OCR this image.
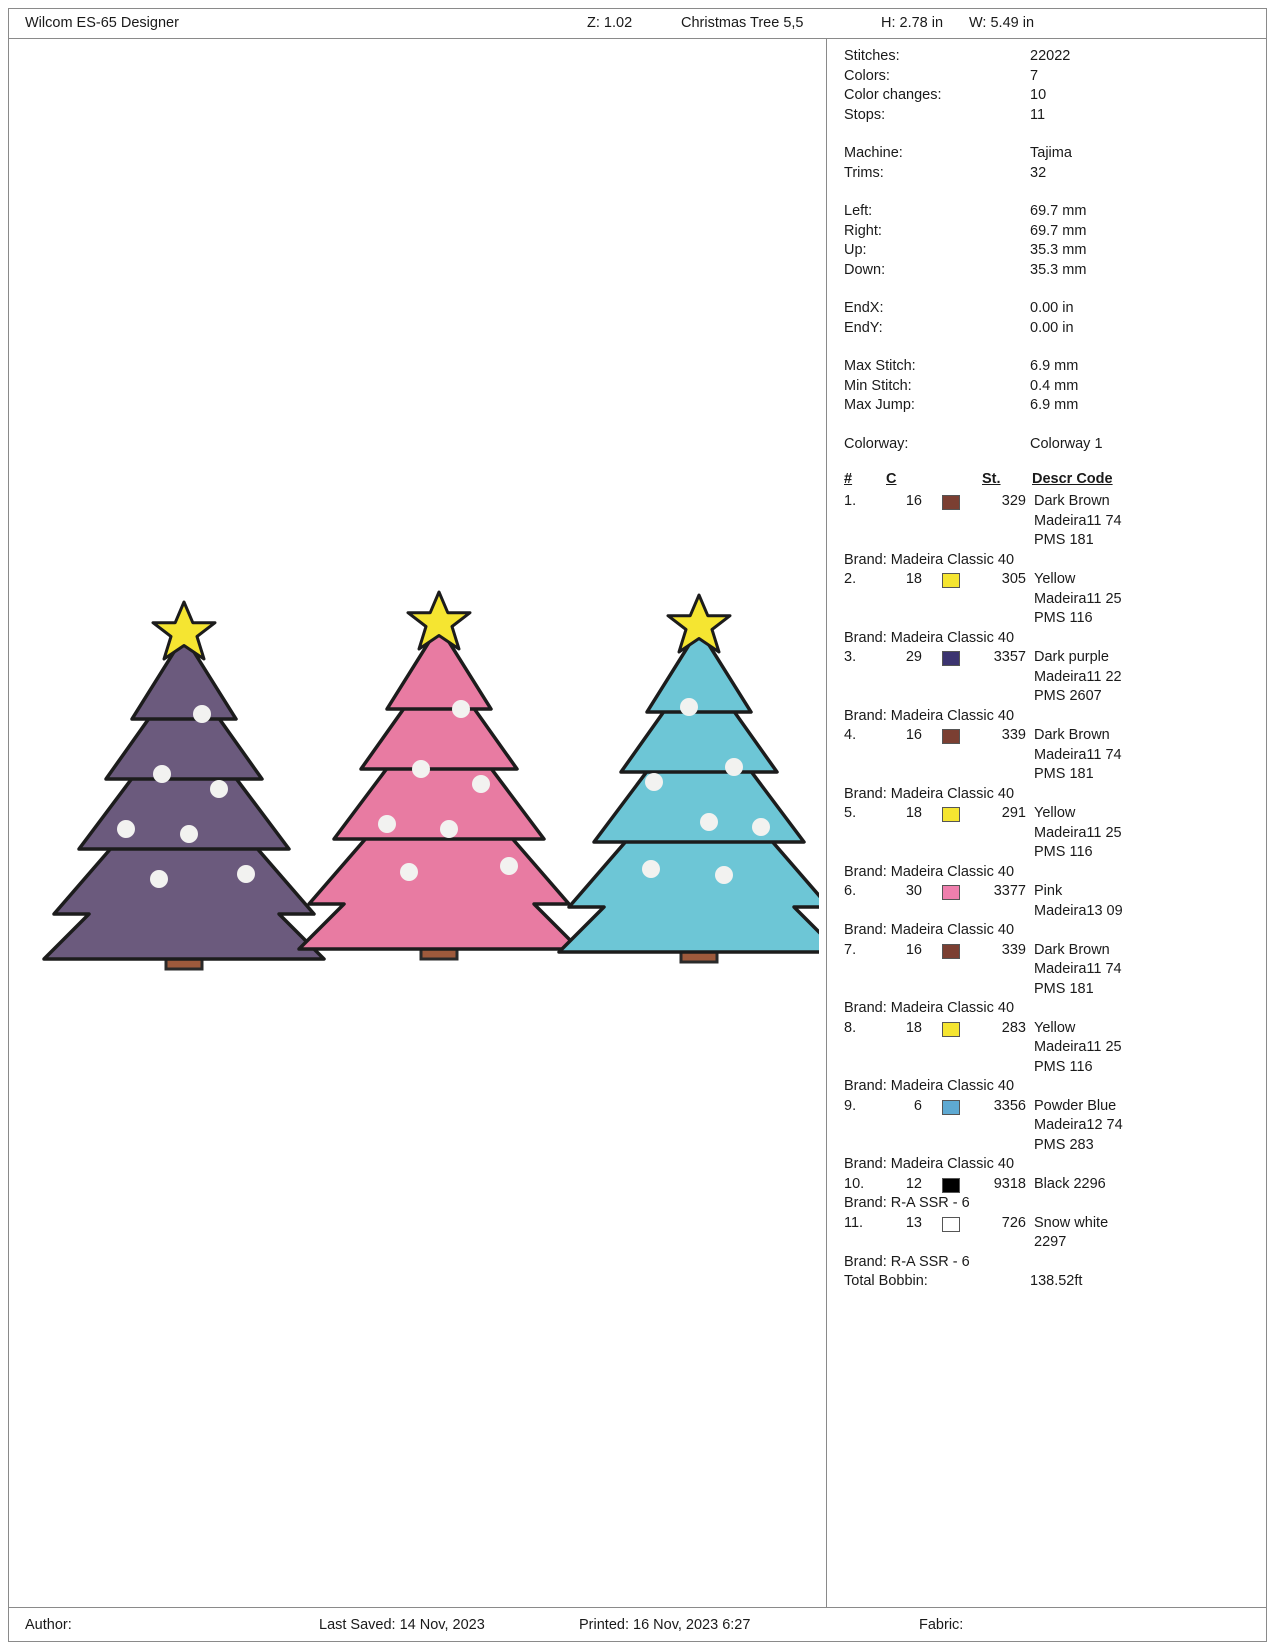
Wilcom ES-65 Designer	Z: 1.02	Christmas Tree 5,5	H: 2.78 in W: 5.49 in
Stitches:	22022
Colors:	7
Color changes:	10
Stops:	11
Machine:	Tajima
Trims:	32
Left:	69.7 mm
Right:	69.7 mm
Up:	35.3 mm
Down:	35.3 mm
EndX:	0.00 in
EndY:	0.00 in
Max Stitch:	6.9 mm
Min Stitch:	0.4 mm
Max Jump:	6.9 mm
Colorway:	Colorway 1
# C	St. Descr Code
1.	16	329 Dark Brown
Madeira11 74
PMS 181
Brand: Madeira Classic 40
2.	18	305 Yellow
Madeira11 25
PMS 116
Brand: Madeira Classic 40
3.	29	3357 Dark purple
Madeira11 22
PMS 2607
Brand: Madeira Classic 40
4.	16	339 Dark Brown
Madeira11 74
PMS 181
Brand: Madeira Classic 40
5.	18	291 Yellow
Madeira11 25
PMS 116
Brand: Madeira Classic 40
6.	30	3377 Pink
Madeira13 09
Brand: Madeira Classic 40
7.	16	339 Dark Brown
Madeira11 74
PMS 181
Brand: Madeira Classic 40
8.	18	283 Yellow
Madeira11 25
PMS 116
Brand: Madeira Classic 40
9.	6	3356 Powder Blue
Madeira12 74
PMS 283
Brand: Madeira Classic 40
10.	12	9318 Black 2296
Brand: R-A SSR - 6
11.	13	726 Snow white
2297
Brand: R-A SSR - 6
Total Bobbin:	138.52ft
Author:	Last Saved: 14 Nov, 2023	Printed: 16 Nov, 2023 6:27	Fabric:
